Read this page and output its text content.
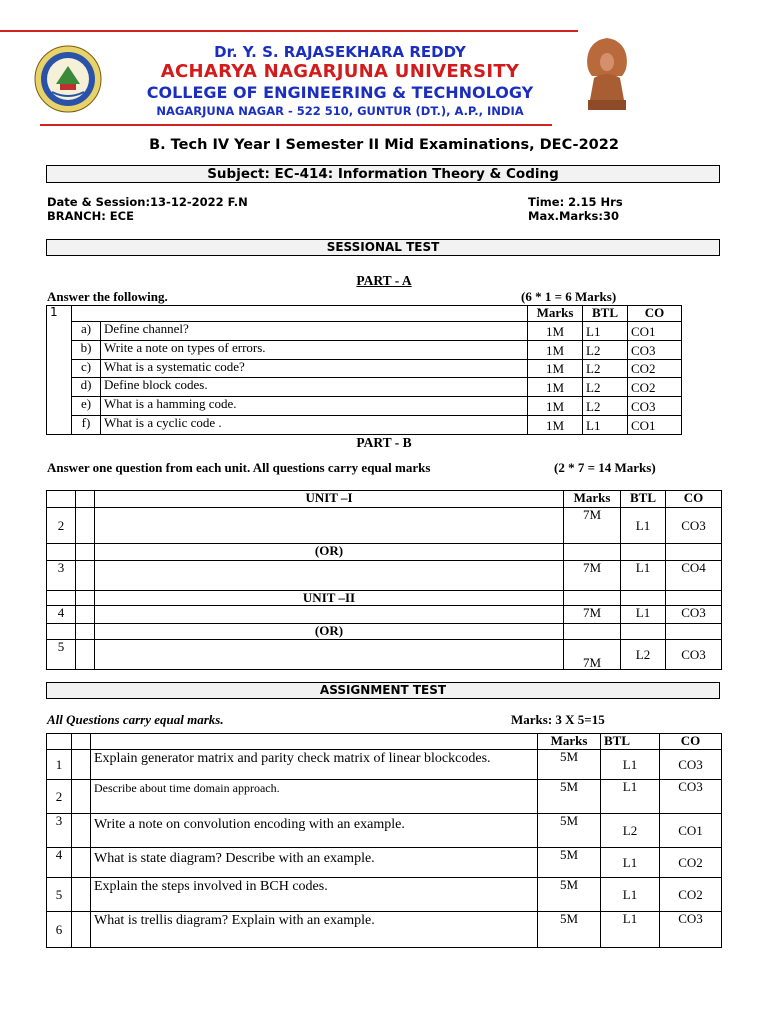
Dr. Y. S. RAJASEKHARA REDDY
ACHARYA NAGARJUNA UNIVERSITY
COLLEGE OF ENGINEERING & TECHNOLOGY
NAGARJUNA NAGAR - 522 510, GUNTUR (DT.), A.P., INDIA
B. Tech IV Year I Semester II Mid Examinations, DEC-2022
Subject: EC-414: Information Theory & Coding
Date & Session:13-12-2022 F.N
BRANCH: ECE
Time: 2.15 Hrs
Max.Marks:30
SESSIONAL TEST
PART - A
Answer the following.	(6 * 1 = 6 Marks)
1			Marks	BTL	CO
	a)	Define channel?	1M	L1	CO1
	b)	Write a note on types of errors.	1M	L2	CO3
	c)	What is a systematic code?	1M	L2	CO2
	d)	Define block codes.	1M	L2	CO2
	e)	What is a hamming code.	1M	L2	CO3
	f)	What is a cyclic code .	1M	L1	CO1
PART - B
Answer one question from each unit. All questions carry equal marks	(2 * 7 = 14 Marks)
		UNIT –I	Marks	BTL	CO
2			7M	L1	CO3
		(OR)			
3			7M	L1	CO4
		UNIT –II			
4			7M	L1	CO3
		(OR)			
5			7M	L2	CO3
ASSIGNMENT TEST
All Questions carry equal marks.	Marks: 3 X 5=15
			Marks	BTL	CO
1		Explain generator matrix and parity check matrix of linear blockcodes.	5M	L1	CO3
2		Describe about time domain approach.	5M	L1	CO3
3		Write a note on convolution encoding with an example.	5M	L2	CO1
4		What is state diagram? Describe with an example.	5M	L1	CO2
5		Explain the steps involved in BCH codes.	5M	L1	CO2
6		What is trellis diagram? Explain with an example.	5M	L1	CO3
